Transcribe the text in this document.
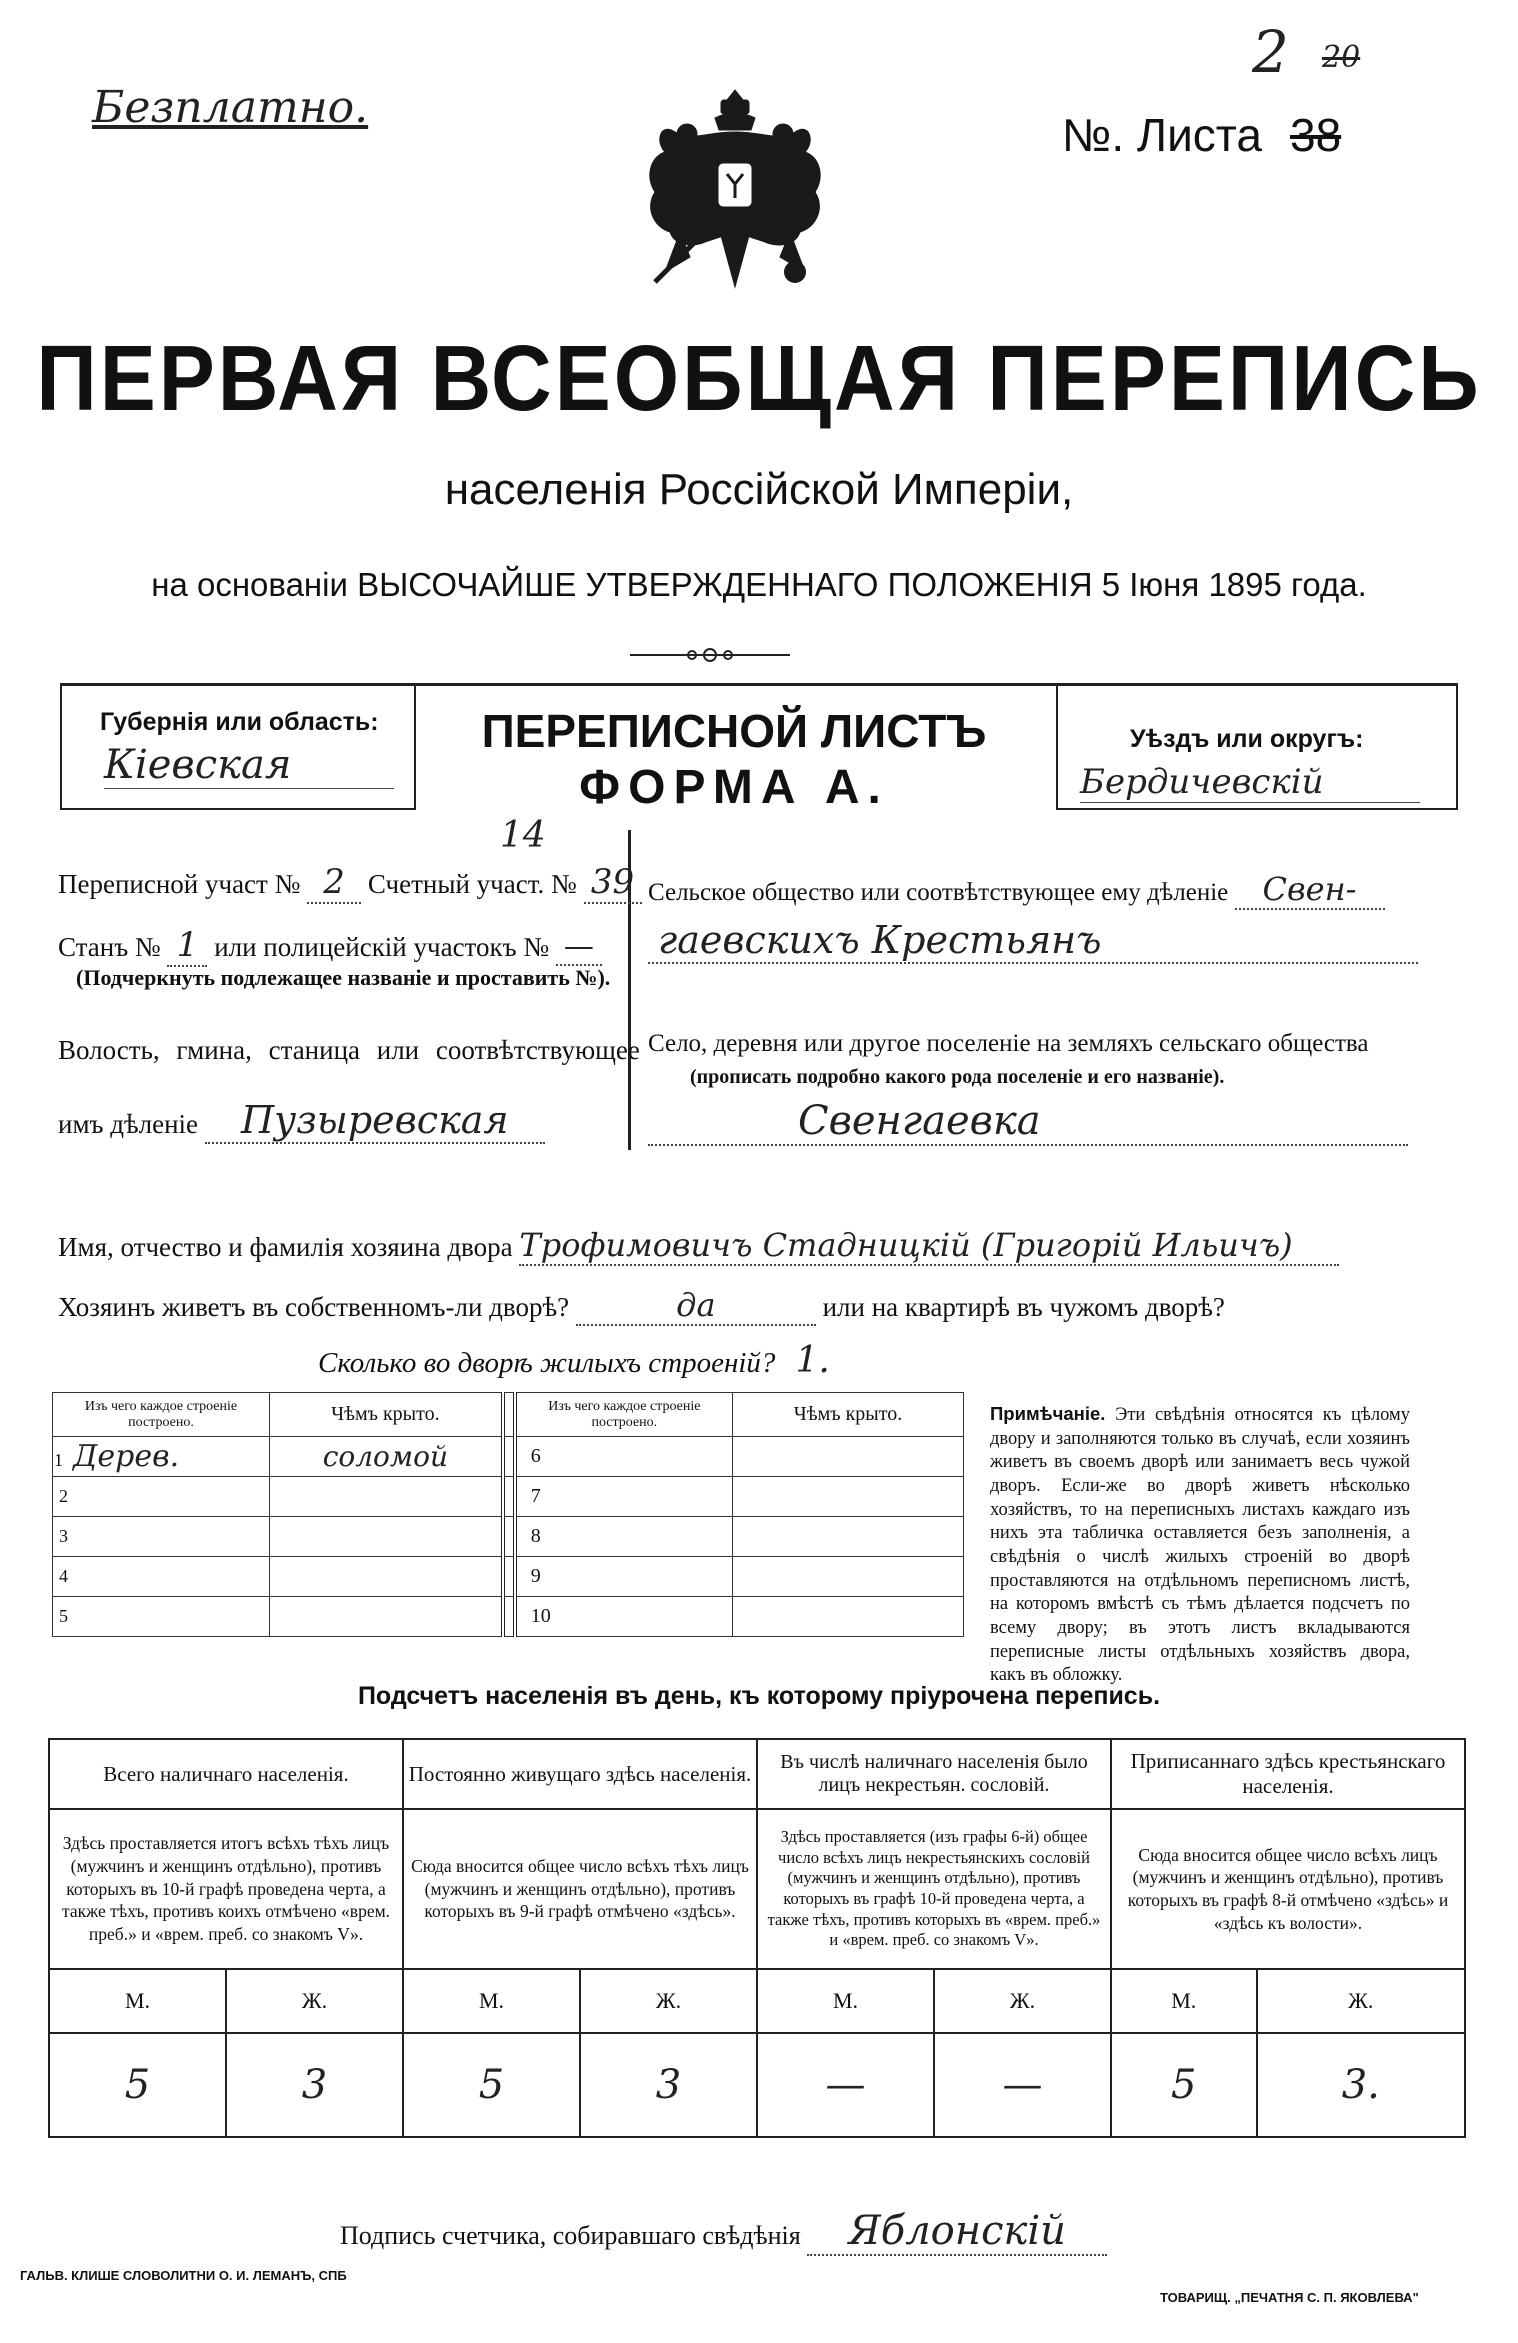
Безплатно.
2 20
№. Листа 38
ПЕРВАЯ ВСЕОБЩАЯ ПЕРЕПИСЬ
населенія Россійской Имперіи,
на основаніи ВЫСОЧАЙШЕ УТВЕРЖДЕННАГО ПОЛОЖЕНІЯ 5 Іюня 1895 года.
Губернія или область:
Кіевская
ПЕРЕПИСНОЙ ЛИСТЪ
ФОРМА А.
Уѣздъ или округъ:
Бердичевскій
14
Переписной участ № 2 Счетный участ. № 39
Станъ № 1 или полицейскій участокъ № —
(Подчеркнуть подлежащее названіе и проставить №).
Волость, гмина, станица или соотвѣтствующее
имъ дѣленіе Пузыревская
Сельское общество или соотвѣтствующее ему дѣленіе Свен-
гаевскихъ Крестьянъ
Село, деревня или другое поселеніе на земляхъ сельскаго общества
(прописать подробно какого рода поселеніе и его названіе).
Свенгаевка
Имя, отчество и фамилія хозяина двора Трофимовичъ Стадницкій (Григорій Ильичъ)
Хозяинъ живетъ въ собственномъ-ли дворѣ?	да	или на квартирѣ въ чужомъ дворѣ?
Сколько во дворѣ жилыхъ строеній? 1.
Изъ чего каждое строеніе построено.	Чѣмъ крыто.		Изъ чего каждое строеніе построено.	Чѣмъ крыто.
1 Дерев.	соломой		6	
2			7	
3			8	
4			9	
5			10	
Примѣчаніе. Эти свѣдѣнія относятся къ цѣлому двору и заполняются только въ случаѣ, если хозяинъ живетъ въ своемъ дворѣ или занимаетъ весь чужой дворъ. Если-же во дворѣ живетъ нѣсколько хозяйствъ, то на переписныхъ листахъ каждаго изъ нихъ эта табличка оставляется безъ заполненія, а свѣдѣнія о числѣ жилыхъ строеній во дворѣ проставляются на отдѣльномъ переписномъ листѣ, на которомъ вмѣстѣ съ тѣмъ дѣлается подсчетъ по всему двору; въ этотъ листъ вкладываются переписные листы отдѣльныхъ хозяйствъ двора, какъ въ обложку.
Подсчетъ населенія въ день, къ которому пріурочена перепись.
Всего наличнаго населенія.		Постоянно живущаго здѣсь населенія.		Въ числѣ наличнаго населенія было лицъ некрестьян. сословій.		Приписаннаго здѣсь крестьянскаго населенія.	
Здѣсь проставляется итогъ всѣхъ тѣхъ лицъ (мужчинъ и женщинъ отдѣльно), противъ которыхъ въ 10-й графѣ проведена черта, а также тѣхъ, противъ коихъ отмѣчено «врем. преб.» и «врем. преб. со знакомъ V».		Сюда вносится общее число всѣхъ тѣхъ лицъ (мужчинъ и женщинъ отдѣльно), противъ которыхъ въ 9-й графѣ отмѣчено «здѣсь».		Здѣсь проставляется (изъ графы 6-й) общее число всѣхъ лицъ некрестьянскихъ сословій (мужчинъ и женщинъ отдѣльно), противъ которыхъ въ графѣ 10-й проведена черта, а также тѣхъ, противъ которыхъ въ «врем. преб.» и «врем. преб. со знакомъ V».		Сюда вносится общее число всѣхъ лицъ (мужчинъ и женщинъ отдѣльно), противъ которыхъ въ графѣ 8-й отмѣчено «здѣсь» и «здѣсь къ волости».	
М.	Ж.	М.	Ж.	М.	Ж.	М.	Ж.
5	3	5	3	—	—	5	3.
Подпись счетчика, собиравшаго свѣдѣнія Яблонскій
ГАЛЬВ. КЛИШЕ СЛОВОЛИТНИ О. И. ЛЕМАНЪ, СПБ
ТОВАРИЩ. „ПЕЧАТНЯ С. П. ЯКОВЛЕВА"
